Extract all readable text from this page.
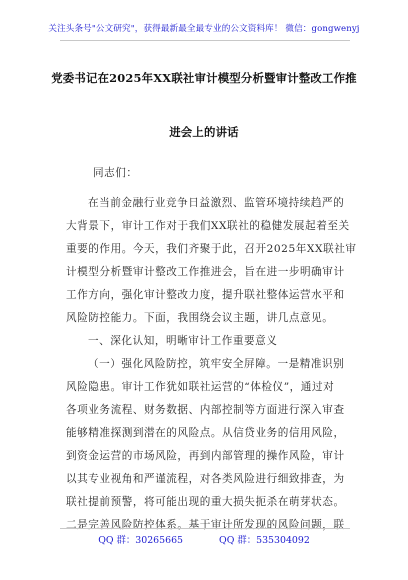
关注头条号"公文研究"，获得最新最全最专业的公文资料库！ 微信：gongwenyj
党委书记在2025年XX联社审计模型分析暨审计整改工作推
进会上的讲话
同志们：
在当前金融行业竞争日益激烈、监管环境持续趋严的
大背景下，审计工作对于我们XX联社的稳健发展起着至关
重要的作用。今天，我们齐聚于此，召开2025年XX联社审
计模型分析暨审计整改工作推进会，旨在进一步明确审计
工作方向，强化审计整改力度，提升联社整体运营水平和
风险防控能力。下面，我围绕会议主题，讲几点意见。
一、深化认知，明晰审计工作重要意义
（一）强化风险防控，筑牢安全屏障。一是精准识别
风险隐患。审计工作犹如联社运营的“体检仪”，通过对
各项业务流程、财务数据、内部控制等方面进行深入审查
能够精准探测到潜在的风险点。从信贷业务的信用风险，
到资金运营的市场风险，再到内部管理的操作风险，审计
以其专业视角和严谨流程，对各类风险进行细致排查，为
联社提前预警，将可能出现的重大损失扼杀在萌芽状态。
二是完善风险防控体系。基于审计所发现的风险问题，联
QQ 群：30265665	QQ 群：535304092
